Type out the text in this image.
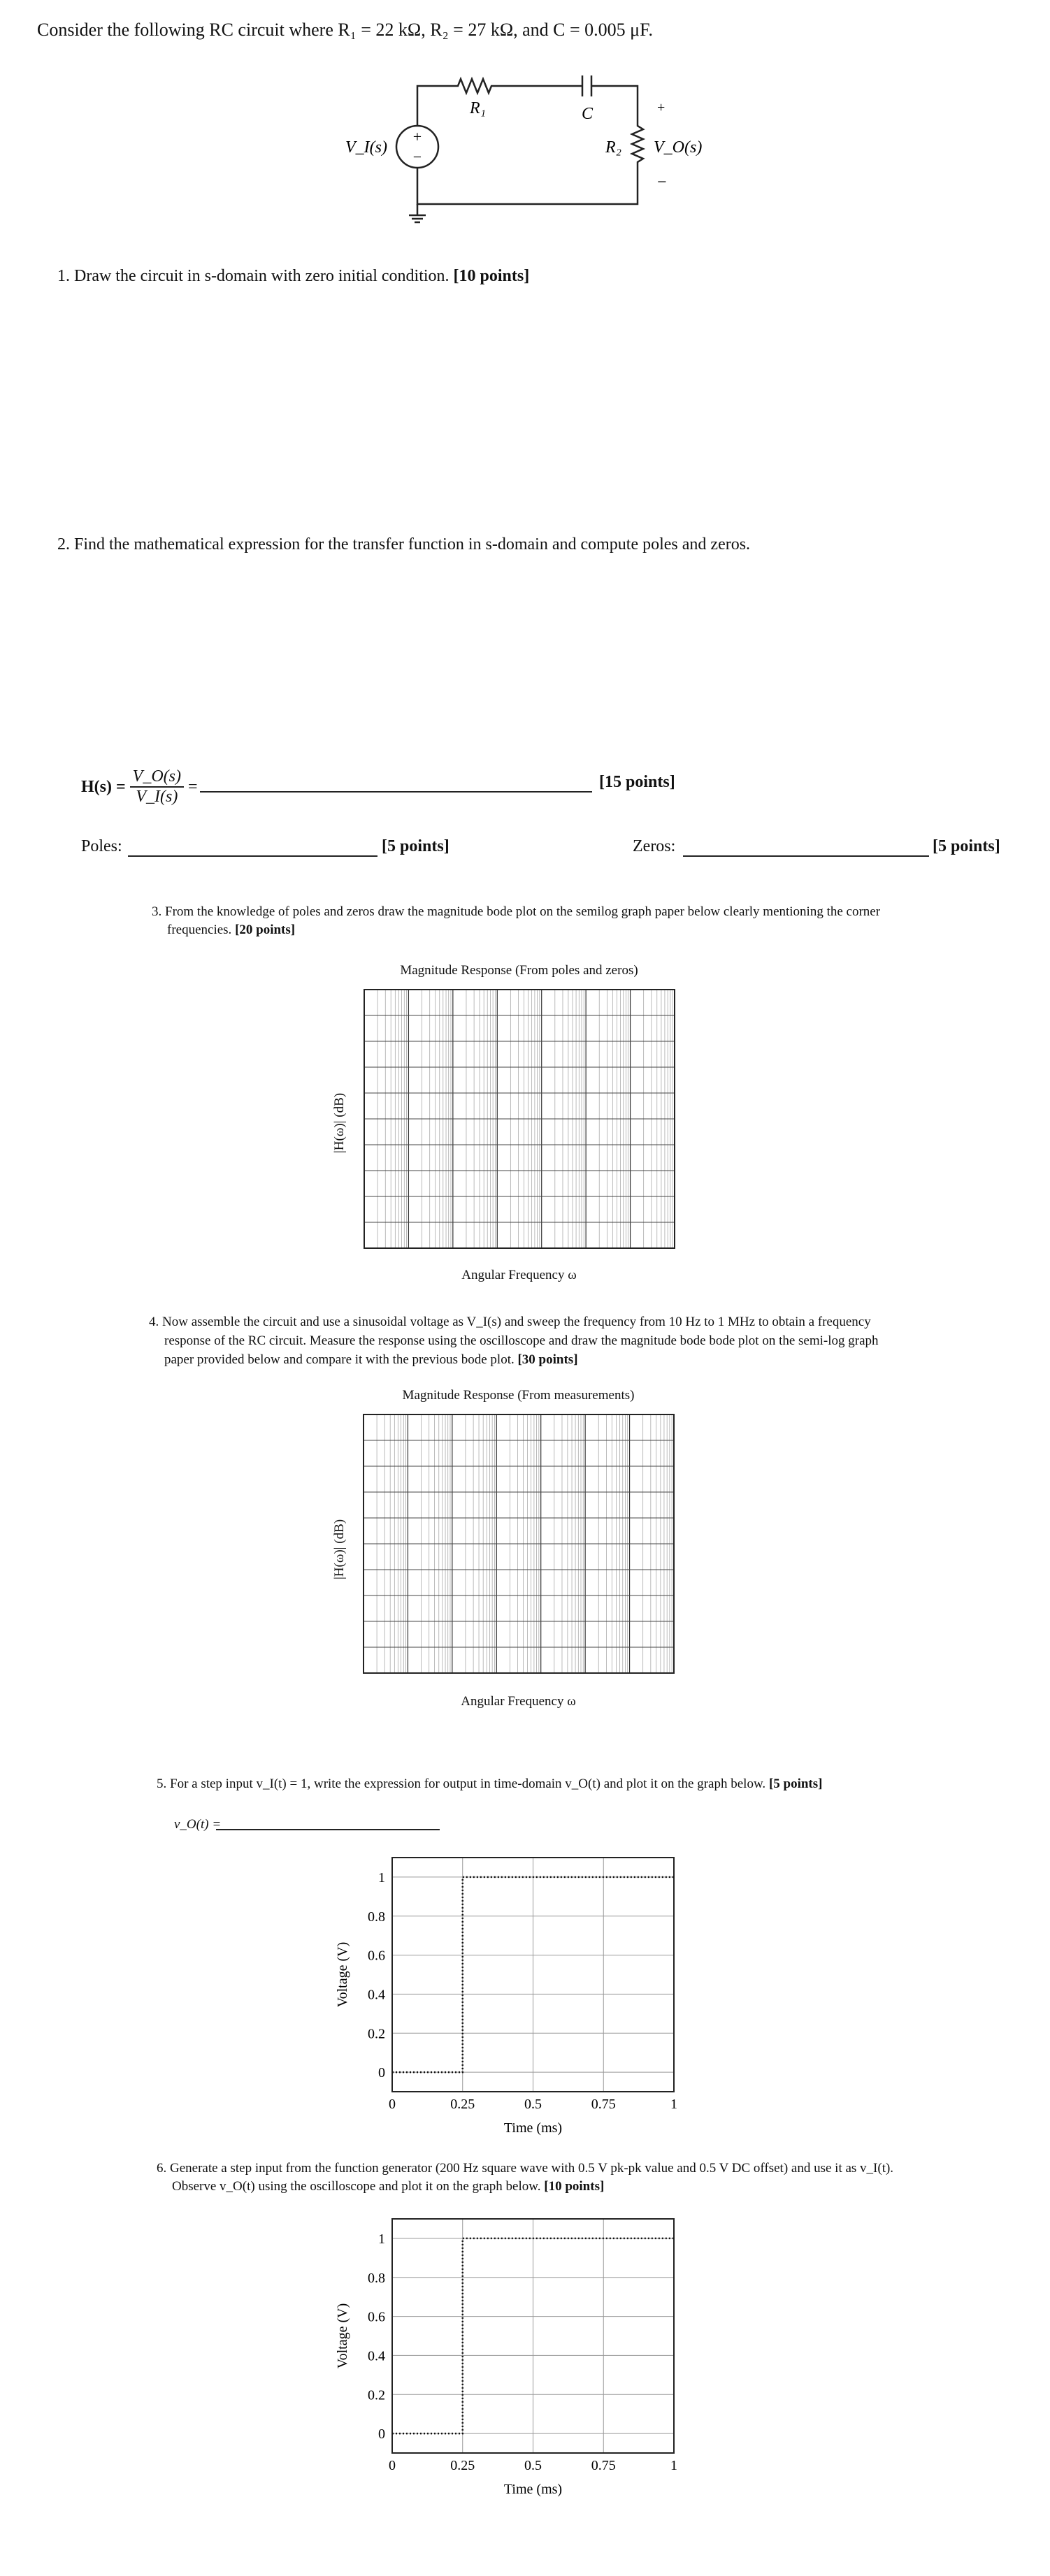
Consider the following RC circuit where R₁ = 22 kΩ, R₂ = 27 kΩ, and C = 0.005 μF.
+
−
R₁	C
V_I(s)	R₂ V_O(s)
+
−
1. Draw the circuit in s-domain with zero initial condition. [10 points]
2. Find the mathematical expression for the transfer function in s-domain and compute poles and zeros.
$H(s) = \frac{V\_O(s)}{V\_I(s)}$ =	[15 points]
Poles:	[5 points]	Zeros:	[5 points]
3. From the knowledge of poles and zeros draw the magnitude bode plot on the semilog graph paper below clearly mentioning the corner
frequencies. [20 points]
Magnitude Response (From poles and zeros)
|H(ω)| (dB)
Angular Frequency ω
4. Now assemble the circuit and use a sinusoidal voltage as V_I(s) and sweep the frequency from 10 Hz to 1 MHz to obtain a frequency
response of the RC circuit. Measure the response using the oscilloscope and draw the magnitude bode bode plot on the semi-log graph
paper provided below and compare it with the previous bode plot. [30 points]
Magnitude Response (From measurements)
|H(ω)| (dB)
Angular Frequency ω
5. For a step input v_I(t) = 1, write the expression for output in time-domain v_O(t) and plot it on the graph below. [5 points]
v_O(t) =
0	0.25	0.5	0.75	1
0
0.2
0.4
0.6
0.8
1
Time (ms)
Voltage (V)
6. Generate a step input from the function generator (200 Hz square wave with 0.5 V pk-pk value and 0.5 V DC offset) and use it as v_I(t).
Observe v_O(t) using the oscilloscope and plot it on the graph below. [10 points]
0	0.25	0.5	0.75	1
0
0.2
0.4
0.6
0.8
1
Time (ms)
Voltage (V)
